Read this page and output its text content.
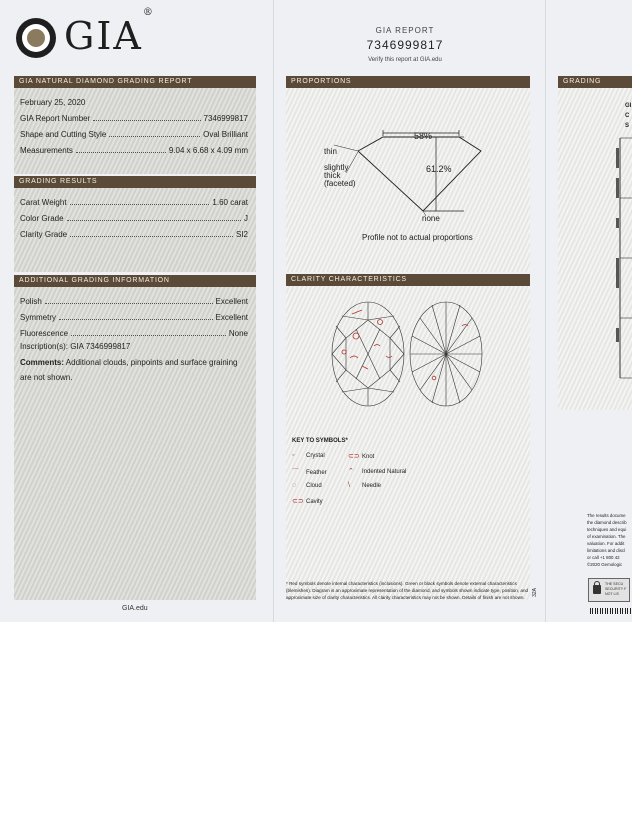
GIA®
GIA REPORT
7346999817
Verify this report at GIA.edu
GIA NATURAL DIAMOND GRADING REPORT
February 25, 2020
GIA Report Number	7346999817
Shape and Cutting Style	Oval Brilliant
Measurements	9.04 x 6.68 x 4.09 mm
GRADING RESULTS
Carat Weight	1.60 carat
Color Grade	J
Clarity Grade	SI2
ADDITIONAL GRADING INFORMATION
Polish	Excellent
Symmetry	Excellent
Fluorescence	None
Inscription(s): GIA 7346999817
Comments: Additional clouds, pinpoints and surface graining are not shown.
GIA.edu
PROPORTIONS
58%
61.2%
thin
slightly
thick
(faceted)
none
Profile not to actual proportions
CLARITY CHARACTERISTICS
KEY TO SYMBOLS*
◦ Crystal	⊂⊃ Knot
⌒ Feather	⌃ Indented Natural
◌ Cloud	\ Needle
⊂⊃ Cavity
* Red symbols denote internal characteristics (inclusions). Green or black symbols denote external characteristics (blemishes). Diagram is an approximate representation of the diamond, and symbols shown indicate type, position, and approximate size of clarity characteristics. All clarity characteristics may not be shown. Details of finish are not shown.
32A
GRADING
GI
C
S
The results docume
the diamond describ
techniques and equi
of examination. The
valuation. For addit
limitations and discl
or call +1 800 42
©2020 Gemologic
THE SECU
SECURITY F
NOT LIS
